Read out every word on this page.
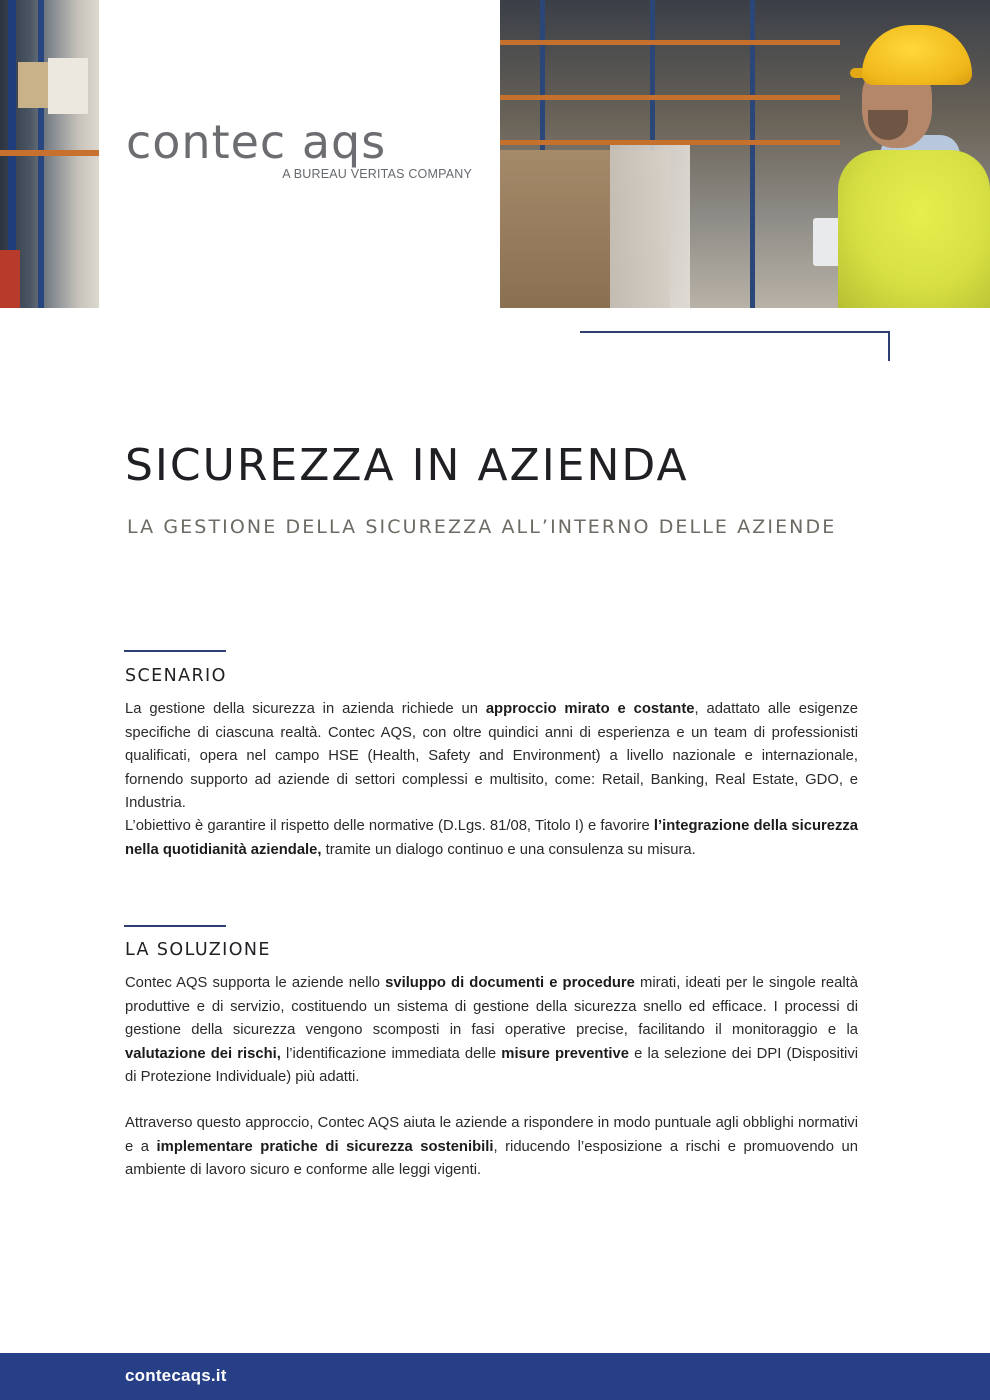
contec aqs
A BUREAU VERITAS COMPANY
SICUREZZA IN AZIENDA
LA GESTIONE DELLA SICUREZZA ALL’INTERNO DELLE AZIENDE
SCENARIO

La gestione della sicurezza in azienda richiede un approccio mirato e costante, adattato alle esigenze specifiche di ciascuna realtà. Contec AQS, con oltre quindici anni di esperienza e un team di professionisti qualificati, opera nel campo HSE (Health, Safety and Environment) a livello nazionale e internazionale, fornendo supporto ad aziende di settori complessi e multisito, come: Retail, Banking, Real Estate, GDO, e Industria.

L’obiettivo è garantire il rispetto delle normative (D.Lgs. 81/08, Titolo I) e favorire l’integrazione della sicurezza nella quotidianità aziendale, tramite un dialogo continuo e una consulenza su misura.

LA SOLUZIONE

Contec AQS supporta le aziende nello sviluppo di documenti e procedure mirati, ideati per le singole realtà produttive e di servizio, costituendo un sistema di gestione della sicurezza snello ed efficace. I processi di gestione della sicurezza vengono scomposti in fasi operative precise, facilitando il monitoraggio e la valutazione dei rischi, l’identificazione immediata delle misure preventive e la selezione dei DPI (Dispositivi di Protezione Individuale) più adatti.

Attraverso questo approccio, Contec AQS aiuta le aziende a rispondere in modo puntuale agli obblighi normativi e a implementare pratiche di sicurezza sostenibili, riducendo l’esposizione a rischi e promuovendo un ambiente di lavoro sicuro e conforme alle leggi vigenti.

contecaqs.it
